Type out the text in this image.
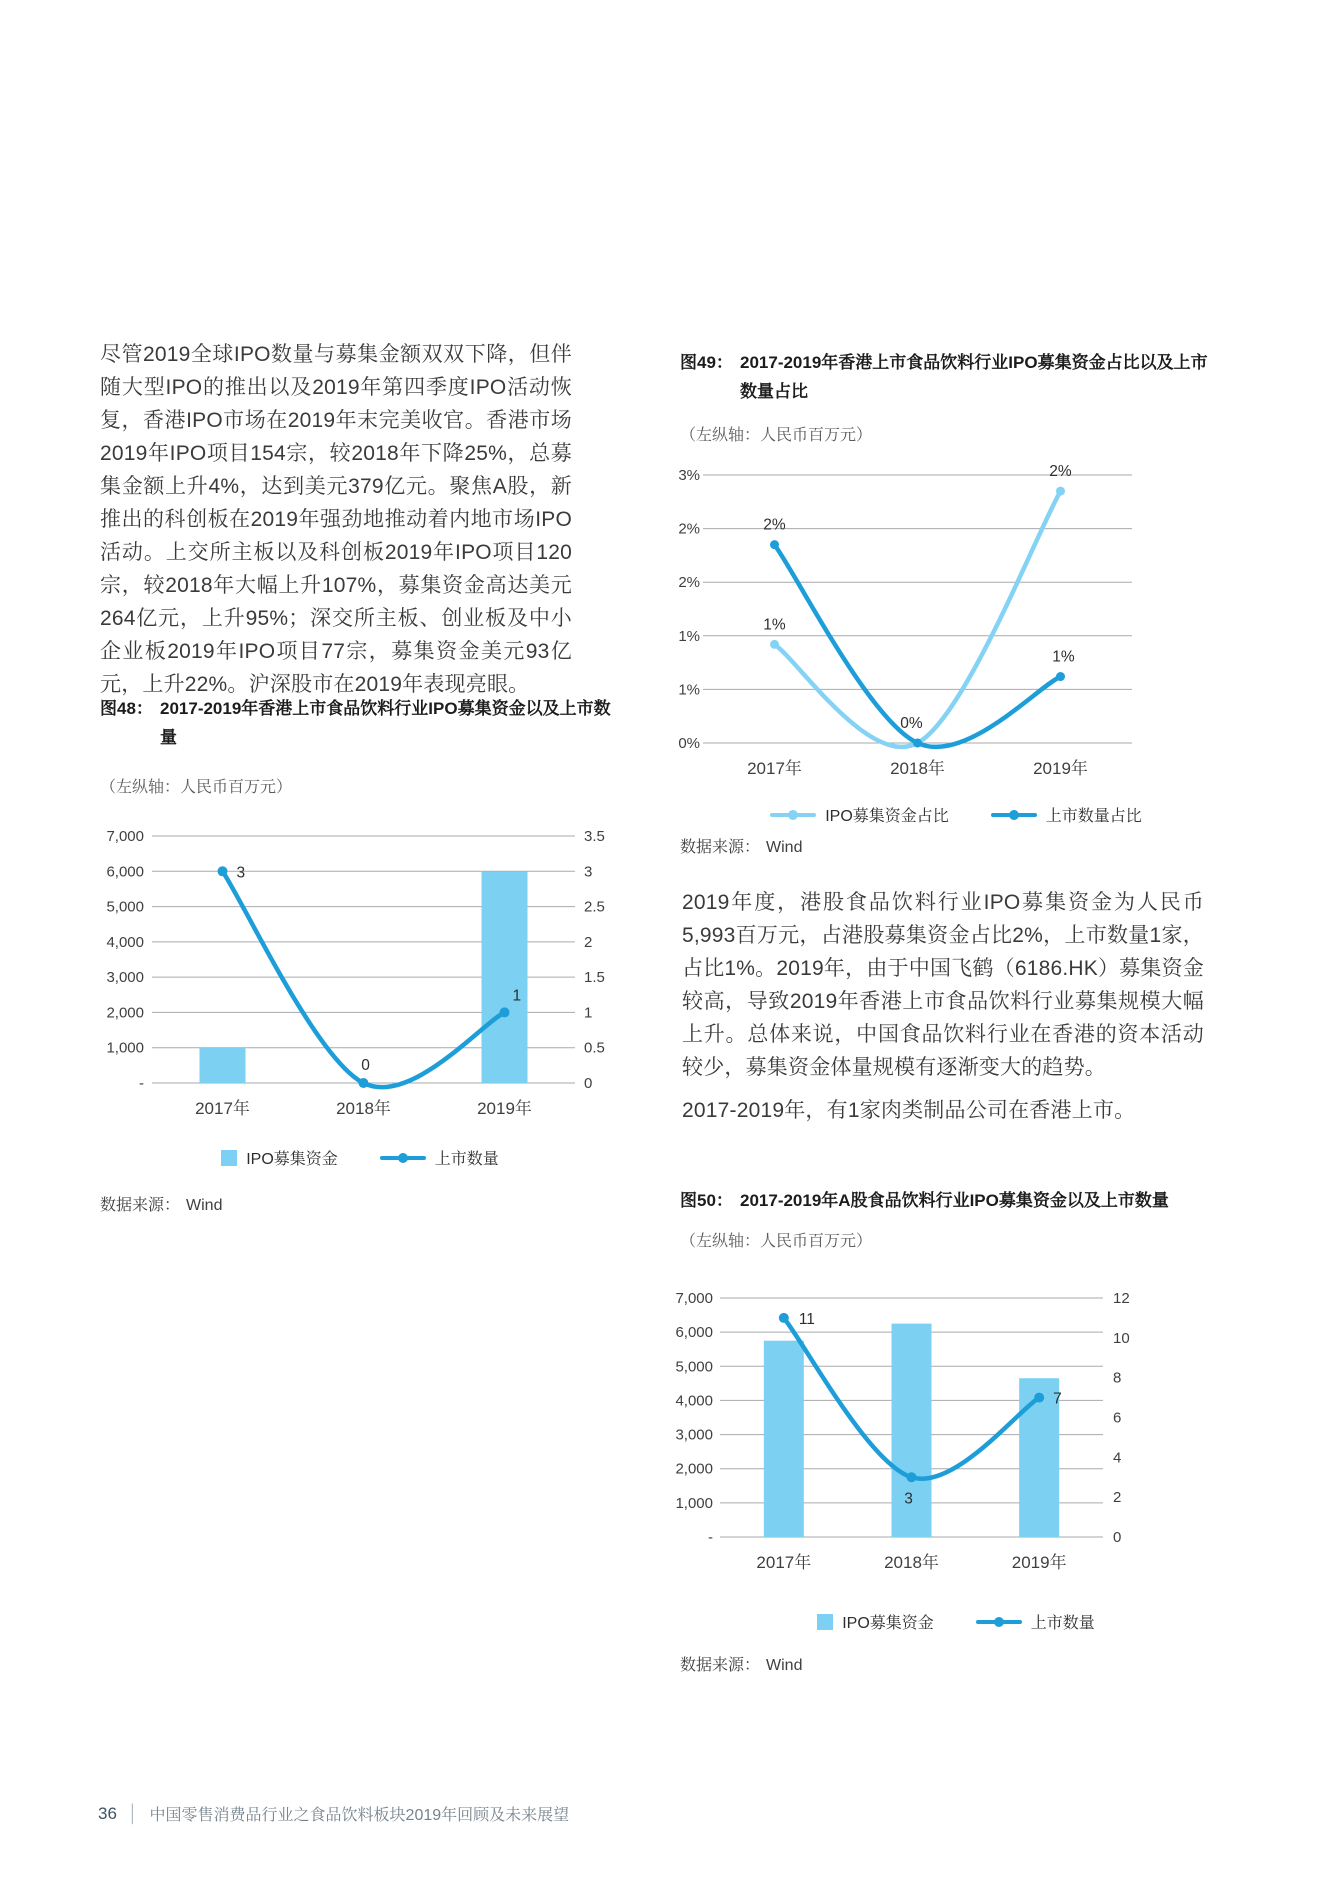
尽管2019全球IPO数量与募集金额双双下降，但伴随大型IPO的推出以及2019年第四季度IPO活动恢复，香港IPO市场在2019年末完美收官。香港市场2019年IPO项目154宗，较2018年下降25%，总募集金额上升4%，达到美元379亿元。聚焦A股，新推出的科创板在2019年强劲地推动着内地市场IPO活动。上交所主板以及科创板2019年IPO项目120宗，较2018年大幅上升107%，募集资金高达美元264亿元，上升95%；深交所主板、创业板及中小企业板2019年IPO项目77宗，募集资金美元93亿元，上升22%。沪深股市在2019年表现亮眼。

图48： 2017-2019年香港上市食品饮料行业IPO募集资金以及上市数量
（左纵轴：人民币百万元）
7,000
6,000
5,000
4,000
3,000
2,000
1,000
-
3.5
3
2.5
2
1.5
1
0.5
0
3
0
1
2017年	2018年	2019年
IPO募集资金	上市数量
数据来源： Wind
图49： 2017-2019年香港上市食品饮料行业IPO募集资金占比以及上市数量占比
（左纵轴：人民币百万元）
3%
2%
2%
1%
1%
0%
1%
2%
2%
0%
1%
2017年	2018年	2019年
IPO募集资金占比	上市数量占比
数据来源： Wind

2019年度，港股食品饮料行业IPO募集资金为人民币5,993百万元，占港股募集资金占比2%，上市数量1家，占比1%。2019年，由于中国飞鹤（6186.HK）募集资金较高，导致2019年香港上市食品饮料行业募集规模大幅上升。总体来说，中国食品饮料行业在香港的资本活动较少，募集资金体量规模有逐渐变大的趋势。

2017-2019年，有1家肉类制品公司在香港上市。

图50： 2017-2019年A股食品饮料行业IPO募集资金以及上市数量
（左纵轴：人民币百万元）
7,000
6,000
5,000
4,000
3,000
2,000
1,000
-
12
10
8
6
4
2
0
11
3
7
2017年	2018年	2019年
IPO募集资金	上市数量
数据来源： Wind
36 │ 中国零售消费品行业之食品饮料板块2019年回顾及未来展望
